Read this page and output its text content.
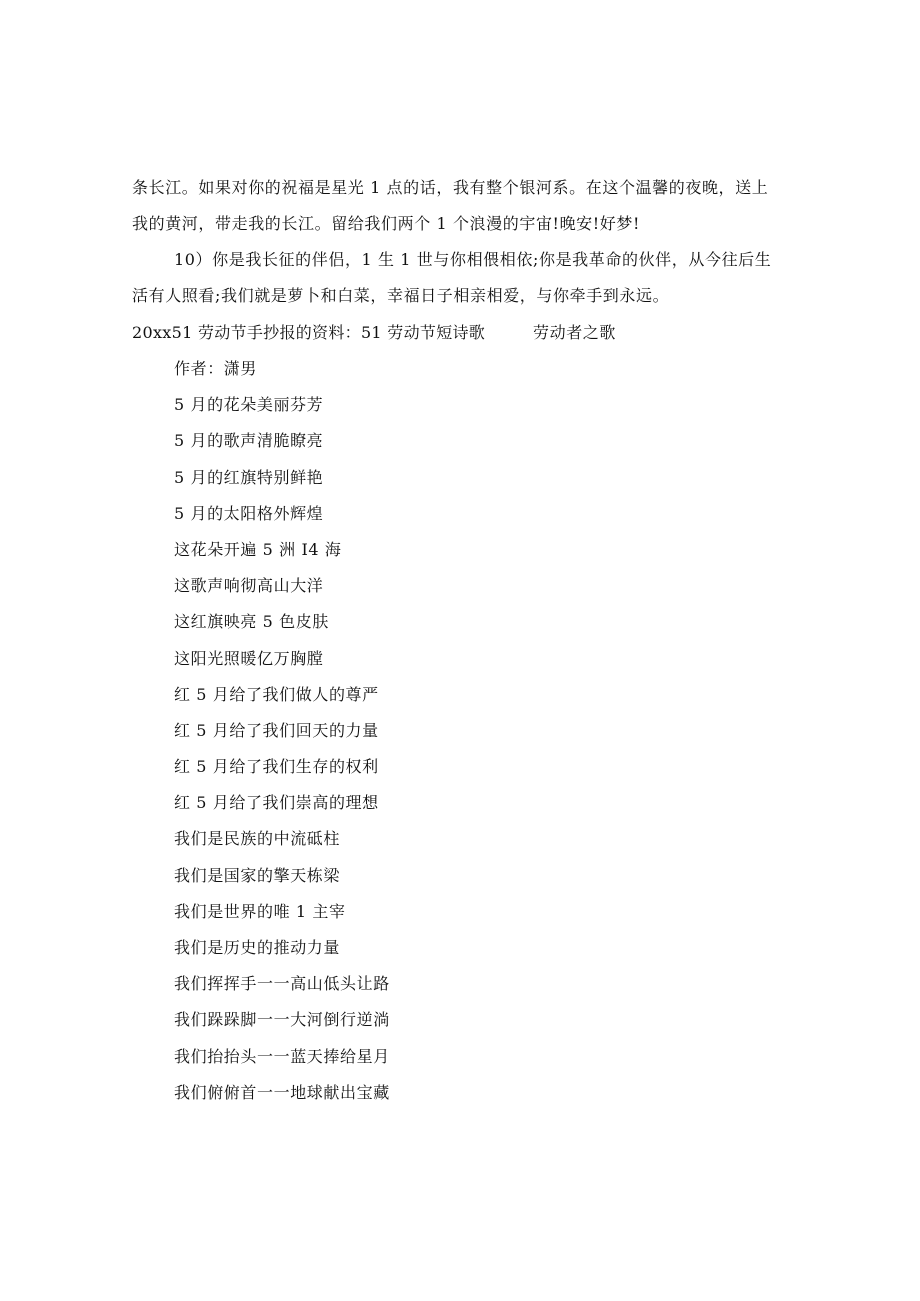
条长江。如果对你的祝福是星光 1 点的话，我有整个银河系。在这个温馨的夜晚，送上
我的黄河，带走我的长江。留给我们两个 1 个浪漫的宇宙!晚安!好梦!
10）你是我长征的伴侣，1 生 1 世与你相偎相依;你是我革命的伙伴，从今往后生
活有人照看;我们就是萝卜和白菜，幸福日子相亲相爱，与你牵手到永远。
20xx51 劳动节手抄报的资料：51 劳动节短诗歌	劳动者之歌
作者：潇男
5 月的花朵美丽芬芳
5 月的歌声清脆瞭亮
5 月的红旗特别鲜艳
5 月的太阳格外辉煌
这花朵开遍 5 洲 I4 海
这歌声响彻高山大洋
这红旗映亮 5 色皮肤
这阳光照暖亿万胸膛
红 5 月给了我们做人的尊严
红 5 月给了我们回天的力量
红 5 月给了我们生存的权利
红 5 月给了我们崇高的理想
我们是民族的中流砥柱
我们是国家的擎天栋梁
我们是世界的唯 1 主宰
我们是历史的推动力量
我们挥挥手一一高山低头让路
我们跺跺脚一一大河倒行逆淌
我们抬抬头一一蓝天捧给星月
我们俯俯首一一地球献出宝藏
